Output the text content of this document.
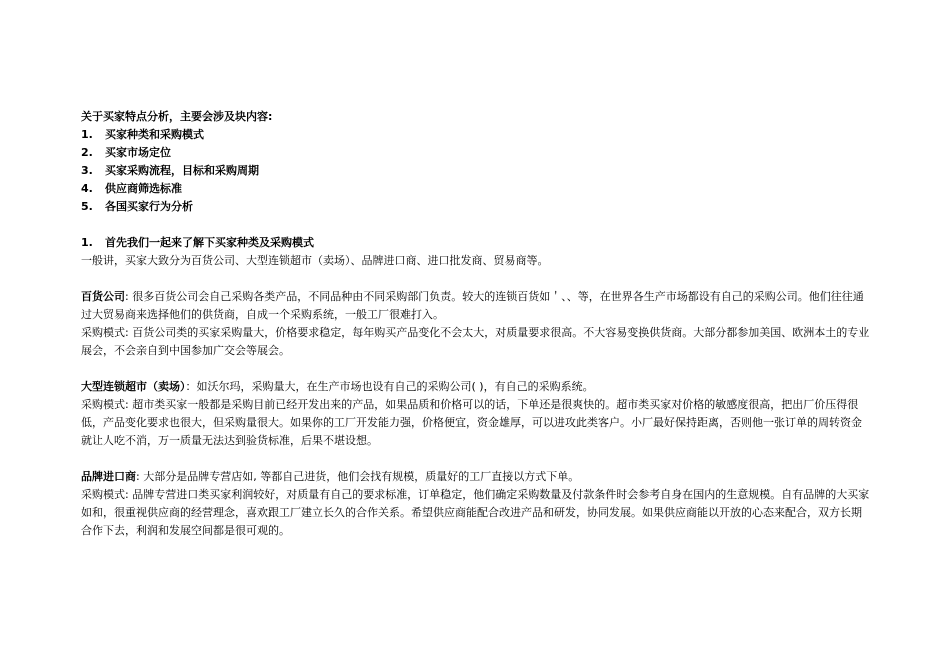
关于买家特点分析，主要会涉及块内容:

1.	买家种类和采购模式
2.	买家市场定位
3.	买家采购流程，目标和采购周期
4.	供应商筛选标准
5.	各国买家行为分析
1.	首先我们一起来了解下买家种类及采购模式

一般讲，买家大致分为百货公司、大型连锁超市（卖场）、品牌进口商、进口批发商、贸易商等。

百货公司: 很多百货公司会自己采购各类产品，不同品种由不同采购部门负责。较大的连锁百货如＇、、等，在世界各生产市场都设有自己的采购公司。他们往往通过大贸易商来选择他们的供货商，自成一个采购系统，一般工厂很难打入。

采购模式: 百货公司类的买家采购量大，价格要求稳定，每年购买产品变化不会太大，对质量要求很高。不大容易变换供货商。大部分都参加美国、欧洲本土的专业展会，不会亲自到中国参加广交会等展会。

大型连锁超市（卖场）：如沃尔玛，采购量大，在生产市场也设有自己的采购公司( )，有自己的采购系统。

采购模式: 超市类买家一般都是采购目前已经开发出来的产品，如果品质和价格可以的话，下单还是很爽快的。超市类买家对价格的敏感度很高，把出厂价压得很低，产品变化要求也很大，但采购量很大。如果你的工厂开发能力强，价格便宜，资金雄厚，可以进攻此类客户。小厂最好保持距离，否则他一张订单的周转资金就让人吃不消，万一质量无法达到验货标准，后果不堪设想。

品牌进口商: 大部分是品牌专营店如, 等都自己进货，他们会找有规模，质量好的工厂直接以方式下单。

采购模式: 品牌专营进口类买家利润较好，对质量有自己的要求标准，订单稳定，他们确定采购数量及付款条件时会参考自身在国内的生意规模。自有品牌的大买家如和，很重视供应商的经营理念，喜欢跟工厂建立长久的合作关系。希望供应商能配合改进产品和研发，协同发展。如果供应商能以开放的心态来配合，双方长期合作下去，利润和发展空间都是很可观的。
